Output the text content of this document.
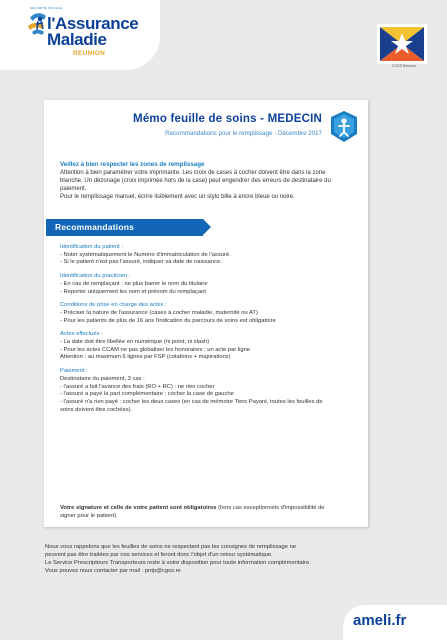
SÉCURITÉ SOCIALE
l'Assurance
Maladie
REUNION
CGSS Réunion
Mémo feuille de soins - MEDECIN
Recommandations pour le remplissage - Décembre 2017
Veillez à bien respecter les zones de remplissage
Attention à bien paramétrer votre imprimante. Les croix de cases à cocher doivent être dans la zone
blanche. Un dézonage (croix imprimée hors de la case) peut engendrer des erreurs de destinataire du
paiement.
Pour le remplissage manuel, écrire lisiblement avec un stylo bille à encre bleue ou noire.
Recommandations
Identification du patient :
- Noter systématiquement le Numéro d'immatriculation de l'assuré.
- Si le patient n'est pas l'assuré, indiquer sa date de naissance.
Identification du practicien :
- En cas de remplaçant : ne plus barrer le nom du titulaire
- Reporter uniquement les nom et prénom du remplaçant
Conditions de prise en charge des actes :
- Préciser la nature de l'assurance (cases à cocher maladie, maternité ou AT)
- Pour les patients de plus de 16 ans l'indication du parcours de soins est obligatoire
Actes effectués :
- La date doit être libellée en numérique (ni point, ni slash)
- Pour les actes CCAM ne pas globaliser les honoraires : un acte par ligne
Attention : au maximum 6 lignes par FSP (cotations + majorations)
Paiement :
Destinataire du paiement, 3 cas :
- l'assuré a fait l'avance des frais (RO + RC) : ne rien cocher
- l'assuré a payé la part complémentaire : cocher la case de gauche
- l'assuré n'a rien payé : cocher les deux cases (en cas de mémoire Tiers Payant, toutes les feuilles de
soins doivent être cochées).
Votre signature et celle de votre patient sont obligatoires (hors cas exceptionnels d'impossibilité de
signer pour le patient).
Nous vous rappelons que les feuilles de soins ne respectant pas les consignes de remplissage ne
peuvent pas être traitées par nos services et feront donc l'objet d'un retour systématique.
Le Service Prescripteurs Transporteurs reste à votre disposition pour toute information complémentaire.
Vous pouvez nous contacter par mail : pntp@cgss.re
ameli.fr
